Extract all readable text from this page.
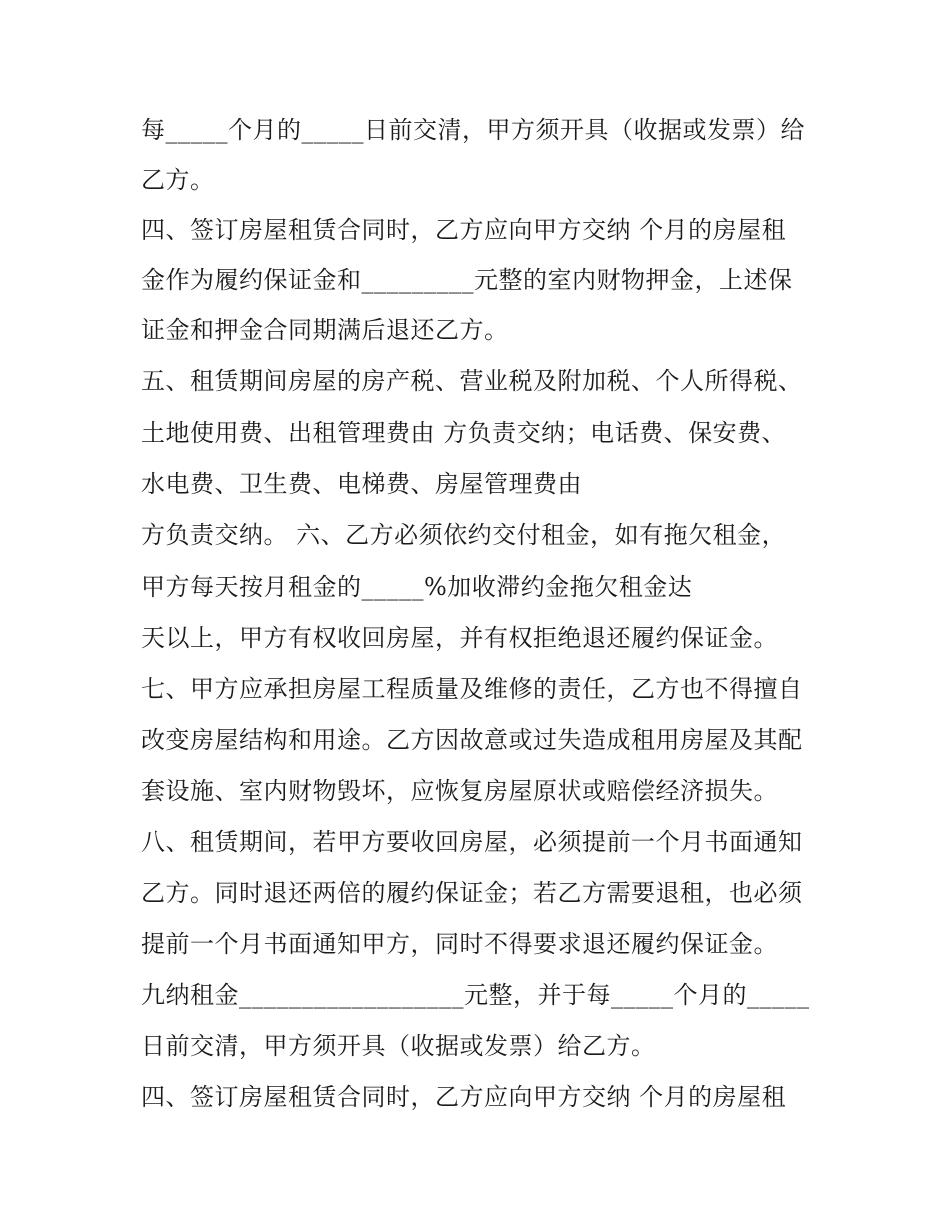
每_____个月的_____日前交清，甲方须开具（收据或发票）给
乙方。
四、签订房屋租赁合同时，乙方应向甲方交纳 个月的房屋租
金作为履约保证金和_________元整的室内财物押金，上述保
证金和押金合同期满后退还乙方。
五、租赁期间房屋的房产税、营业税及附加税、个人所得税、
土地使用费、出租管理费由 方负责交纳；电话费、保安费、
水电费、卫生费、电梯费、房屋管理费由
方负责交纳。 六、乙方必须依约交付租金，如有拖欠租金，
甲方每天按月租金的_____%加收滞约金拖欠租金达
天以上，甲方有权收回房屋，并有权拒绝退还履约保证金。
七、甲方应承担房屋工程质量及维修的责任，乙方也不得擅自
改变房屋结构和用途。乙方因故意或过失造成租用房屋及其配
套设施、室内财物毁坏，应恢复房屋原状或赔偿经济损失。
八、租赁期间，若甲方要收回房屋，必须提前一个月书面通知
乙方。同时退还两倍的履约保证金；若乙方需要退租，也必须
提前一个月书面通知甲方，同时不得要求退还履约保证金。
九纳租金__________________元整，并于每_____个月的_____
日前交清，甲方须开具（收据或发票）给乙方。
四、签订房屋租赁合同时，乙方应向甲方交纳 个月的房屋租
